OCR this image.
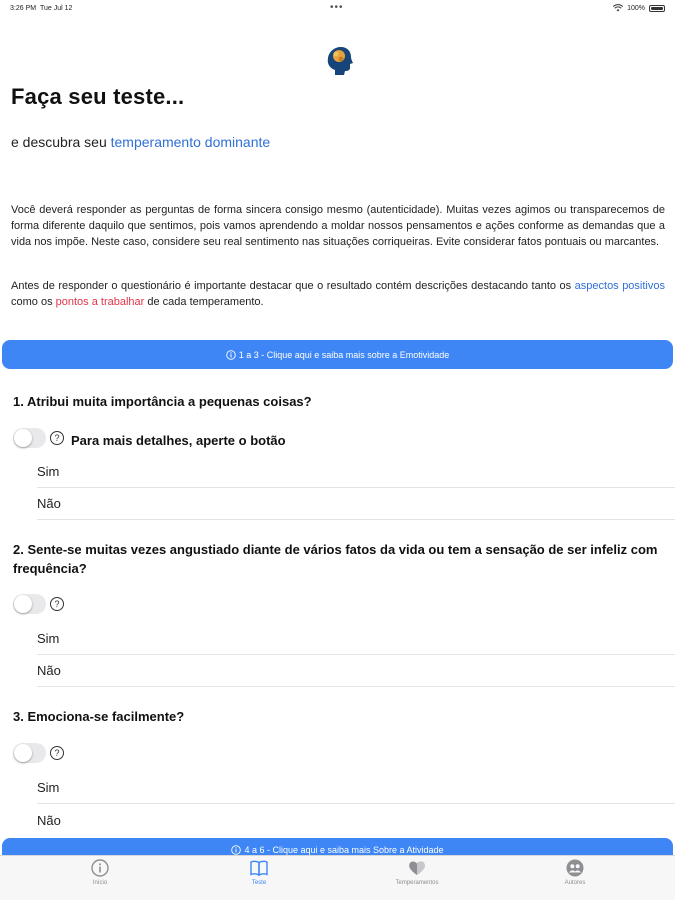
3:26 PM Tue Jul 12	•••	100%
Faça seu teste...
e descubra seu temperamento dominante
Você deverá responder as perguntas de forma sincera consigo mesmo (autenticidade). Muitas vezes agimos ou transparecemos de forma diferente daquilo que sentimos, pois vamos aprendendo a moldar nossos pensamentos e ações conforme as demandas que a vida nos impõe. Neste caso, considere seu real sentimento nas situações corriqueiras. Evite considerar fatos pontuais ou marcantes.
Antes de responder o questionário é importante destacar que o resultado contém descrições destacando tanto os aspectos positivos como os pontos a trabalhar de cada temperamento.
1 a 3 - Clique aqui e saiba mais sobre a Emotividade
1. Atribui muita importância a pequenas coisas?
? Para mais detalhes, aperte o botão
Sim
Não
2. Sente-se muitas vezes angustiado diante de vários fatos da vida ou tem a sensação de ser infeliz com frequência?
?
Sim
Não
3. Emociona-se facilmente?
?
Sim
Não
4 a 6 - Clique aqui e saiba mais Sobre a Atividade
Início	Teste	Temperamentos	Autores
